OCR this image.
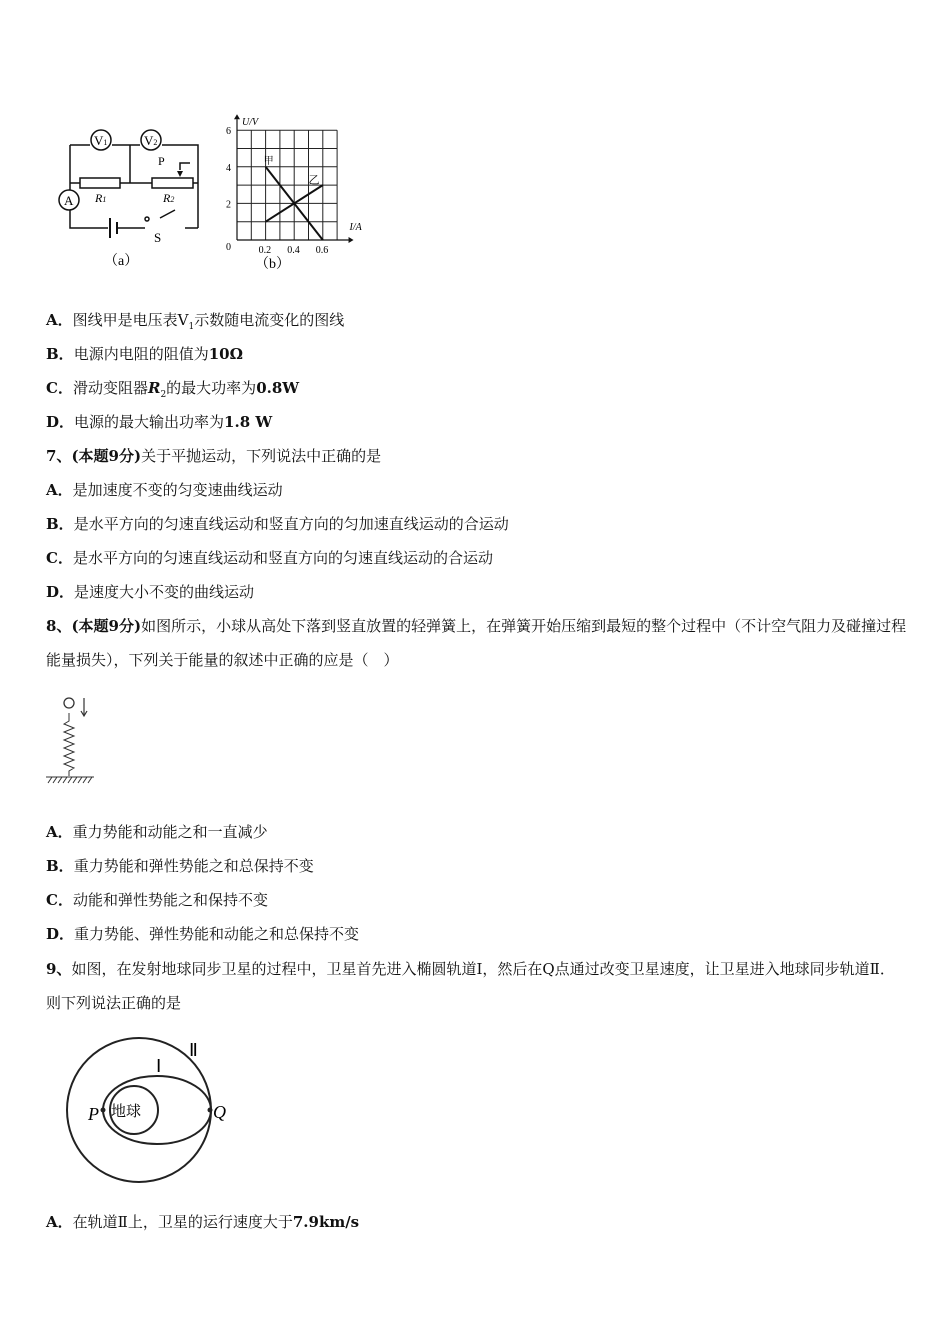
V1	V2
A R1	R2
P
S
（a）
2
4
6
0	0.2 0.4 0.6
U/V
I/A
甲
乙
（b）
A．图线甲是电压表$V_1$示数随电流变化的图线
B．电源内电阻的阻值为10Ω
C．滑动变阻器$R_2$的最大功率为0.8W
D．电源的最大输出功率为1.8 W
7、(本题9分)关于平抛运动，下列说法中正确的是
A．是加速度不变的匀变速曲线运动
B．是水平方向的匀速直线运动和竖直方向的匀加速直线运动的合运动
C．是水平方向的匀速直线运动和竖直方向的匀速直线运动的合运动
D．是速度大小不变的曲线运动
8、(本题9分)如图所示，小球从高处下落到竖直放置的轻弹簧上，在弹簧开始压缩到最短的整个过程中（不计空气阻力及碰撞过程能量损失），下列关于能量的叙述中正确的应是（　）
A．重力势能和动能之和一直减少
B．重力势能和弹性势能之和总保持不变
C．动能和弹性势能之和保持不变
D．重力势能、弹性势能和动能之和总保持不变
9、如图，在发射地球同步卫星的过程中，卫星首先进入椭圆轨道Ⅰ，然后在Q点通过改变卫星速度，让卫星进入地球同步轨道Ⅱ．则下列说法正确的是
地球
P	Q
Ⅰ
Ⅱ
A．在轨道Ⅱ上，卫星的运行速度大于7.9km/s
